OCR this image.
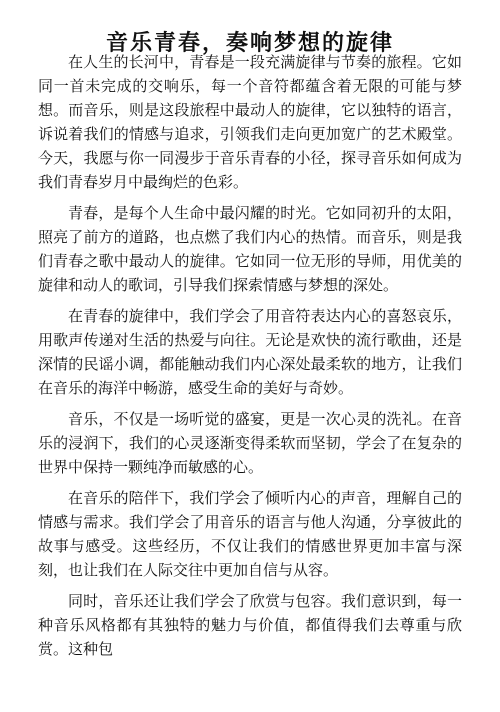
音乐青春，奏响梦想的旋律

在人生的长河中，青春是一段充满旋律与节奏的旅程。它如同一首未完成的交响乐，每一个音符都蕴含着无限的可能与梦想。而音乐，则是这段旅程中最动人的旋律，它以独特的语言，诉说着我们的情感与追求，引领我们走向更加宽广的艺术殿堂。今天，我愿与你一同漫步于音乐青春的小径，探寻音乐如何成为我们青春岁月中最绚烂的色彩。

青春，是每个人生命中最闪耀的时光。它如同初升的太阳，照亮了前方的道路，也点燃了我们内心的热情。而音乐，则是我们青春之歌中最动人的旋律。它如同一位无形的导师，用优美的旋律和动人的歌词，引导我们探索情感与梦想的深处。

在青春的旋律中，我们学会了用音符表达内心的喜怒哀乐，用歌声传递对生活的热爱与向往。无论是欢快的流行歌曲，还是深情的民谣小调，都能触动我们内心深处最柔软的地方，让我们在音乐的海洋中畅游，感受生命的美好与奇妙。

音乐，不仅是一场听觉的盛宴，更是一次心灵的洗礼。在音乐的浸润下，我们的心灵逐渐变得柔软而坚韧，学会了在复杂的世界中保持一颗纯净而敏感的心。

在音乐的陪伴下，我们学会了倾听内心的声音，理解自己的情感与需求。我们学会了用音乐的语言与他人沟通，分享彼此的故事与感受。这些经历，不仅让我们的情感世界更加丰富与深刻，也让我们在人际交往中更加自信与从容。

同时，音乐还让我们学会了欣赏与包容。我们意识到，每一种音乐风格都有其独特的魅力与价值，都值得我们去尊重与欣赏。这种包
